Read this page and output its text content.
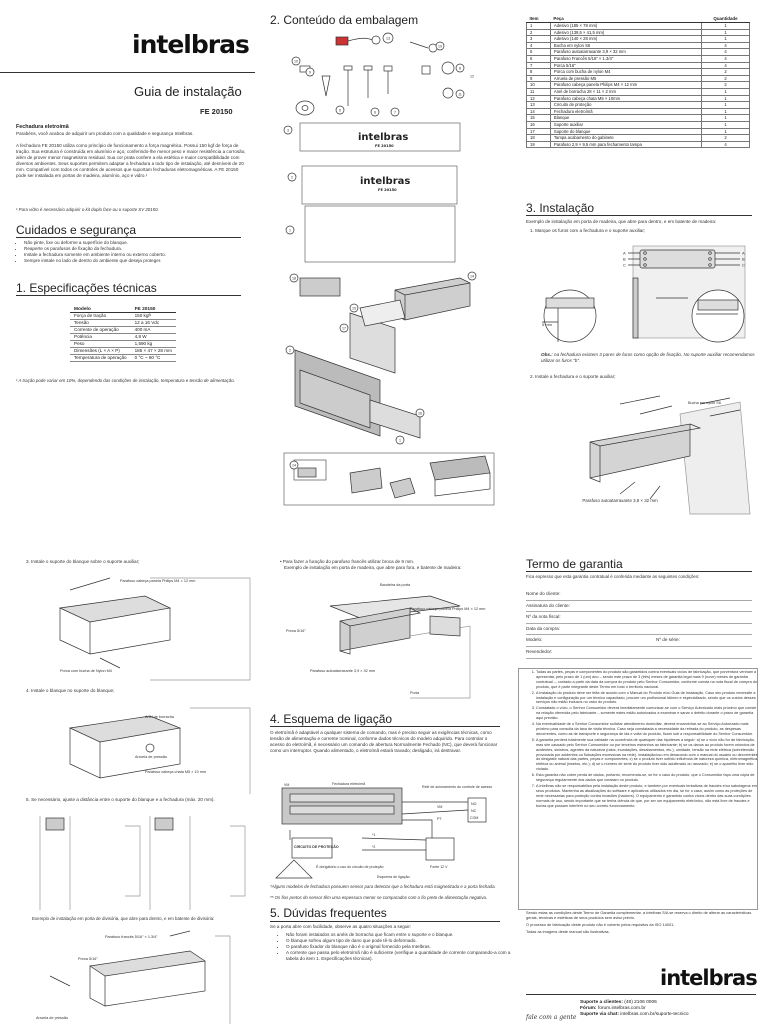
intelbras
Guia de instalação
FE 20150
Fechadura eletroímã
Parabéns, você acabou de adquirir um produto com a qualidade e segurança Intelbras.
A fechadura FE 20150 utiliza como princípio de funcionamento a força magnética. Possui 150 kgf de força de tração. Sua estrutura é construída em alumínio e aço, conferindo-lhe menor peso e maior resistência a corrosão, além de prover menor magnetismo residual. Sua cor prata confere a ela estética e maior compatibilidade com diversos ambientes. Seus suportes permitem adaptar a fechadura a todo tipo de instalação, até desníveis de 20 mm. Compatível com todos os controles de acessos que suportam fechaduras eletromagnéticas. A FE 20150 pode ser instalada em portas de madeira, alumínio, aço e vidro.¹
¹ Para vidro é necessário adquirir o kit duplo face ou o suporte SV 20150.
Cuidados e segurança
• Não pinte, lixe ou deforme a superfície do blanque.
• Reaperte os parafusos de fixação da fechadura.
• Instale a fechadura somente em ambiente interno ou externo coberto.
• Sempre instale no lado de dentro do ambiente que deseja proteger.
1. Especificações técnicas
Modelo	FE 20150
Força de tração	150 kgf¹
Tensão	12 a 16 Vdc
Corrente de operação	400 mA
Potência	4,8 W
Peso	1,590 kg
Dimensões (L × A × P)	185 × 47 × 28 mm
Temperatura de operação	0 °C ~ 60 °C
¹ A tração pode variar em 10%, dependendo das condições de instalação, temperatura e tensão de alimentação.
2. Conteúdo da embalagem
13
19
10
9
5	6	7
8
11
12
3
2
1
18	14
15
17
2
16
1
14
intelbras
FE 20150
intelbras
FE 20150
Item	Peça	Quantidade
1	Adesivo (185 × 78 mm)	1
2	Adesivo (139,5 × 41,5 mm)	1
3	Adesivo (140 × 28 mm)	1
4	Bucha em nylon S6	4
5	Parafuso autoatarraxante 3,9 × 32 mm	4
6	Parafuso Francês 5/16" × 1.3/4"	4
7	Porca 5/16"	4
8	Porca com bucha de nylon M4	2
9	Arruela de pressão M5	2
10	Parafuso cabeça panela Philips M4 × 12 mm	2
11	Anel de borracha 28 × 11 × 2 mm	1
12	Parafuso cabeça chata M5 × 10mm	1
13	Circuito de proteção	1
14	Fechadura eletroímã	1
15	Blanque	1
16	Suporte auxiliar	1
17	Suporte do blanque	1
18	Tampa acabamento do gabinete	2
19	Parafuso 2,9 × 9,5 mm para fechamento tampa	4
3. Instalação
Exemplo de instalação em porta de madeira, que abre para dentro, e em batente de madeira:
1. Marque os furos com a fechadura e o suporte auxiliar;
A
B
C
A
B
C
5 mm
Obs.: na fechadura existem 3 pares de furos como opção de fixação. No suporte auxiliar recomendamos utilizar os furos "b".
2. Instale a fechadura e o suporte auxiliar;
Bucha em nylon S6
Parafuso autoatarraxante 3,9 × 32 mm
3. Instale o suporte do blanque sobre o suporte auxiliar;
Parafuso cabeça panela Philips M4 × 12 mm
Porca com bucha de Nylon M4
4. Instale o blanque no suporte do blanque;
Anel de borracha
Arruela de pressão
Parafuso cabeça chata M5 × 10 mm
5. Se necessário, ajuste a distância entre o suporte do blanque e a fechadura (máx. 20 mm).
Exemplo de instalação em porta de divisória, que abre para dentro, e em batente de divisória:
Parafuso francês 5/16" × 1.3/4"
Porca 5/16"
Arruela de pressão
• Para fazer a furação do parafuso francês utilizar broca de 9 mm.
Exemplo de instalação em porta de madeira, que abre para fora, e batente de madeira:
Bandeira da porta
Parafuso cabeça panela Philips M4 × 12 mm
Porca 5/16"
Parafuso autoatarraxante 3,9 × 32 mm
Porta
4. Esquema de ligação
O eletroímã é adaptável a qualquer sistema de comando, mas é preciso seguir as exigências técnicas, como tensão de alimentação e corrente nominal, conforme dados técnicos do modelo adquirido. Para controlar o acesso do eletroímã, é necessário um comando de abertura Normalmente Fechado (NC), que deverá funcionar como um interruptor. Quando alimentado, o eletroímã estará travado; desligado, irá destravar.
Fechadura eletroímã
Relé de acionamento do controle de acesso
NO
NC
COM
VM
VM
PT
CIRCUITO DE PROTEÇÃO
*1
*2
Fonte 12 V
Esquema de ligação
É obrigatório o uso do circuito de proteção
*Alguns modelos de fechadura possuem sensor para detectar que a fechadura está magnetizada e a porta fechada.
** Os fios pretos do sensor têm uma espessura menor se comparados com o fio preto de alimentação negativa.
5. Dúvidas frequentes
Se a porta abre com facilidade, observe as quatro situações a seguir:
• Não foram instalados os anéis de borracha que ficam entre o suporte e o blanque.
• O blanque sofreu algum tipo de dano que pode tê-lo deformado.
• O parafuso fixador do blanque não é o original fornecido pela Intelbras.
• A corrente que passa pelo eletroímã não é suficiente (verifique a quantidade de corrente comparando-a com a tabela do item 1. Especificações técnicas).
Termo de garantia
Fica expresso que esta garantia contratual é conferida mediante as seguintes condições:
Nome do cliente:
Assinatura do cliente:
Nº da nota fiscal:
Data da compra:
Modelo:	Nº de série:
Revendedor:
1. Todas as partes, peças e componentes do produto são garantidos contra eventuais vícios de fabricação, que porventura venham a apresentar, pelo prazo de 1 (um) ano – sendo este prazo de 3 (três) meses de garantia legal mais 9 (nove) meses de garantia contratual –, contado a partir da data da compra do produto pelo Senhor Consumidor, conforme consta na nota fiscal de compra do produto, que é parte integrante deste Termo em todo o território nacional.
2. A instalação do produto deve ser feita de acordo com o Manual do Produto e/ou Guia de Instalação. Caso seu produto necessite a instalação e configuração por um técnico capacitado, procure um profissional idôneo e especializado, sendo que os custos desses serviços não estão inclusos no valor do produto.
3. Constatado o vício, o Senhor Consumidor deverá imediatamente comunicar-se com o Serviço Autorizado mais próximo que conste na relação oferecida pelo fabricante – somente estes estão autorizados a examinar e sanar o defeito durante o prazo de garantia aqui previsto.
4. Na eventualidade de o Senhor Consumidor solicitar atendimento domiciliar, deverá encaminhar-se ao Serviço Autorizado mais próximo para consulta da taxa de visita técnica. Caso seja constatada a necessidade da retirada do produto, as despesas decorrentes, como as de transporte e segurança de ida e volta do produto, ficam sob a responsabilidade do Senhor Consumidor.
5. A garantia perderá totalmente sua validade na ocorrência de quaisquer das hipóteses a seguir: a) se o vício não for de fabricação, mas sim causado pelo Senhor Consumidor ou por terceiros estranhos ao fabricante; b) se os danos ao produto forem oriundos de acidentes, sinistros, agentes da natureza (raios, inundações, desabamentos, etc.), umidade, tensão na rede elétrica (sobretensão provocada por acidentes ou flutuações excessivas na rede), instalação/uso em desacordo com o manual do usuário ou decorrentes do desgaste natural das partes, peças e componentes; c) se o produto tiver sofrido influência de natureza química, eletromagnética, elétrica ou animal (insetos, etc.); d) se o número de série do produto tiver sido adulterado ou rasurado; e) se o aparelho tiver sido violado.
6. Esta garantia não cobre perda de dados, portanto, recomenda-se, se for o caso do produto, que o Consumidor faça uma cópia de segurança regularmente dos dados que constam no produto.
7. A Intelbras não se responsabiliza pela instalação deste produto, e também por eventuais tentativas de fraudes e/ou sabotagens em seus produtos. Mantenha as atualizações do software e aplicativos utilizados em dia, se for o caso, assim como as proteções de rede necessárias para proteção contra invasões (hackers). O equipamento é garantido contra vícios dentro das suas condições normais de uso, sendo importante que se tenha ciência de que, por ser um equipamento eletrônico, não está livre de fraudes e burlas que possam interferir no seu correto funcionamento.
Sendo estas as condições deste Termo de Garantia complementar, a Intelbras S/A se reserva o direito de alterar as características gerais, técnicas e estéticas de seus produtos sem aviso prévio.
O processo de fabricação deste produto não é coberto pelos requisitos da ISO 14001.
Todas as imagens deste manual são ilustrativas.
intelbras
fale com a gente
Suporte a clientes: (48) 2106 0006
Fórum: forum.intelbras.com.br
Suporte via chat: intelbras.com.br/suporte-tecnico
